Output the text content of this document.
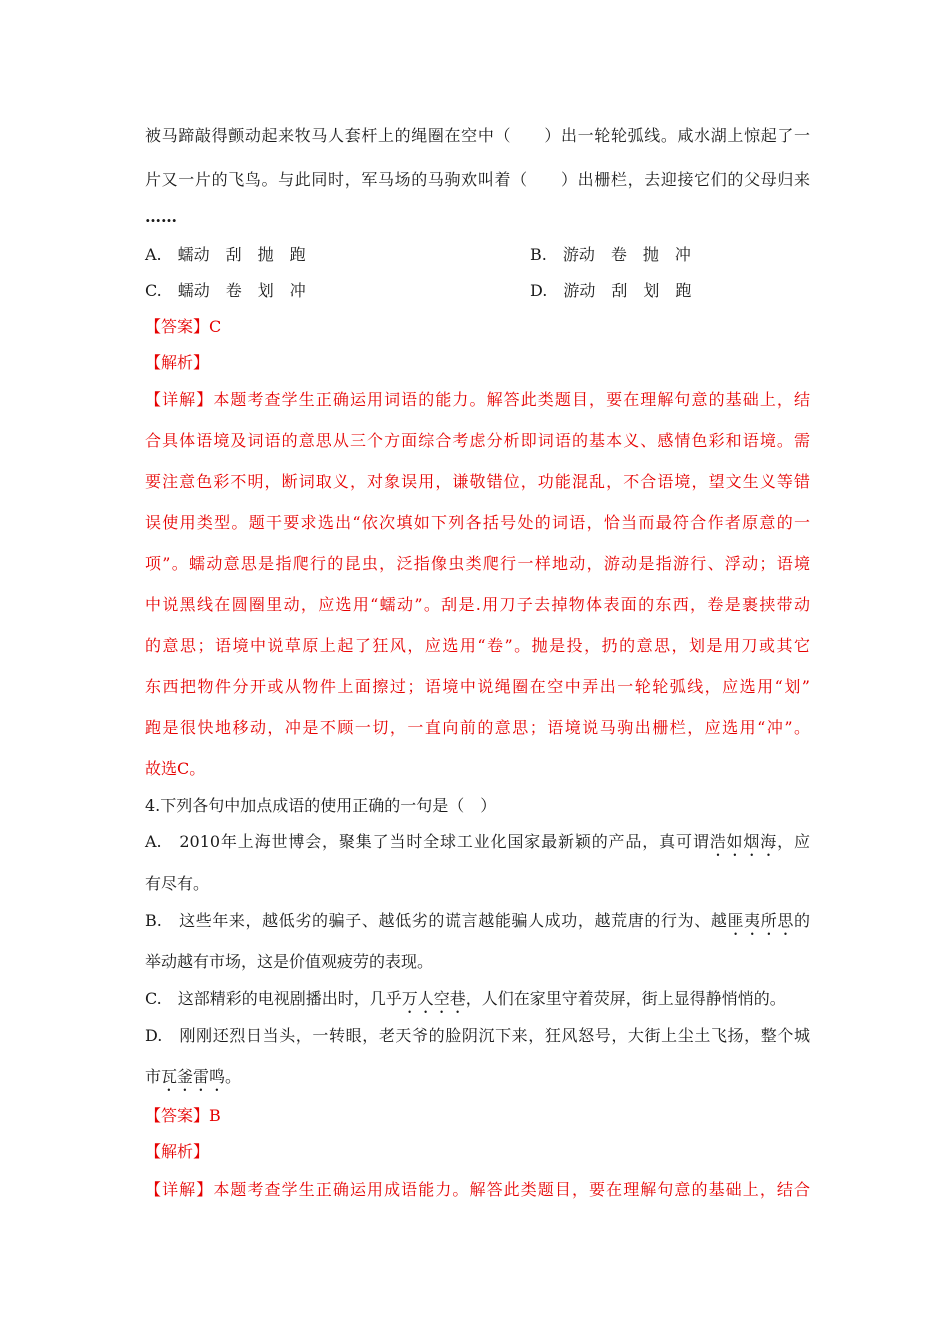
被马蹄敲得颤动起来牧马人套杆上的绳圈在空中（　　）出一轮轮弧线。咸水湖上惊起了一
片又一片的飞鸟。与此同时，军马场的马驹欢叫着（　　）出栅栏，去迎接它们的父母归来
……
A.　蠕动　刮　抛　跑	B.　游动　卷　抛　冲
C.　蠕动　卷　划　冲	D.　游动　刮　划　跑
【答案】C
【解析】
【详解】本题考查学生正确运用词语的能力。解答此类题目，要在理解句意的基础上，结
合具体语境及词语的意思从三个方面综合考虑分析即词语的基本义、感情色彩和语境。需
要注意色彩不明，断词取义，对象误用，谦敬错位，功能混乱，不合语境，望文生义等错
误使用类型。题干要求选出“依次填如下列各括号处的词语，恰当而最符合作者原意的一
项”。蠕动意思是指爬行的昆虫，泛指像虫类爬行一样地动，游动是指游行、浮动；语境
中说黑线在圆圈里动，应选用“蠕动”。刮是.用刀子去掉物体表面的东西，卷是裹挟带动
的意思；语境中说草原上起了狂风，应选用“卷”。抛是投，扔的意思，划是用刀或其它
东西把物件分开或从物件上面擦过；语境中说绳圈在空中弄出一轮轮弧线，应选用“划”
跑是很快地移动，冲是不顾一切，一直向前的意思；语境说马驹出栅栏，应选用“冲”。
故选C。
4.下列各句中加点成语的使用正确的一句是（　）
A.　2010年上海世博会，聚集了当时全球工业化国家最新颖的产品，真可谓浩如烟海，应
有尽有。
B.　这些年来，越低劣的骗子、越低劣的谎言越能骗人成功，越荒唐的行为、越匪夷所思的
举动越有市场，这是价值观疲劳的表现。
C.　这部精彩的电视剧播出时，几乎万人空巷，人们在家里守着荧屏，街上显得静悄悄的。
D.　刚刚还烈日当头，一转眼，老天爷的脸阴沉下来，狂风怒号，大街上尘土飞扬，整个城
市瓦釜雷鸣。
【答案】B
【解析】
【详解】本题考查学生正确运用成语能力。解答此类题目，要在理解句意的基础上，结合
